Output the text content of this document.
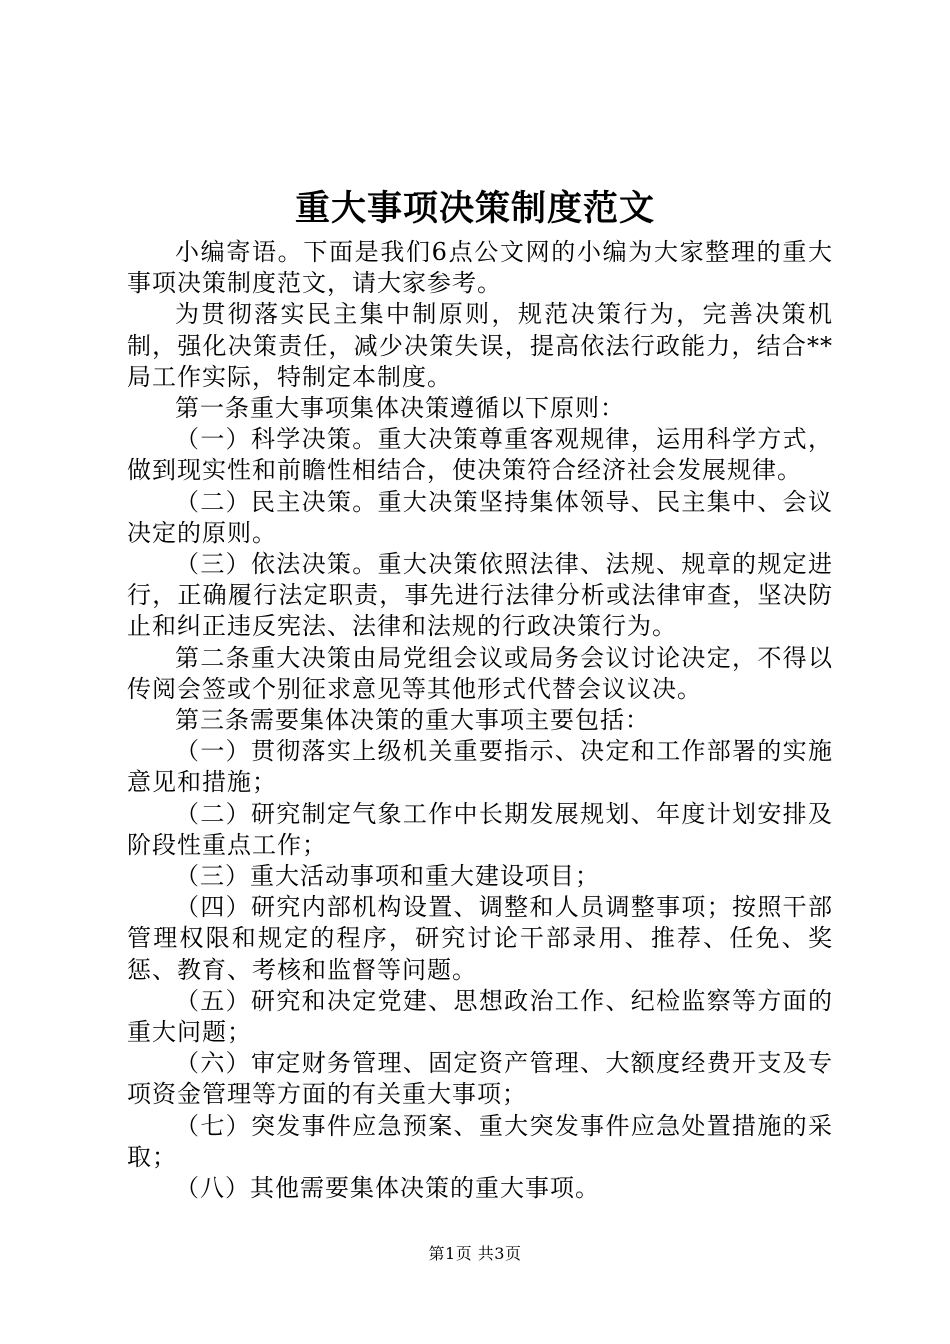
重大事项决策制度范文

小编寄语。下面是我们6点公文网的小编为大家整理的重大事项决策制度范文，请大家参考。

为贯彻落实民主集中制原则，规范决策行为，完善决策机制，强化决策责任，减少决策失误，提高依法行政能力，结合**局工作实际，特制定本制度。

第一条重大事项集体决策遵循以下原则：

（一）科学决策。重大决策尊重客观规律，运用科学方式，做到现实性和前瞻性相结合，使决策符合经济社会发展规律。

（二）民主决策。重大决策坚持集体领导、民主集中、会议决定的原则。

（三）依法决策。重大决策依照法律、法规、规章的规定进行，正确履行法定职责，事先进行法律分析或法律审查，坚决防止和纠正违反宪法、法律和法规的行政决策行为。

第二条重大决策由局党组会议或局务会议讨论决定，不得以传阅会签或个别征求意见等其他形式代替会议议决。

第三条需要集体决策的重大事项主要包括：

（一）贯彻落实上级机关重要指示、决定和工作部署的实施意见和措施；

（二）研究制定气象工作中长期发展规划、年度计划安排及阶段性重点工作；

（三）重大活动事项和重大建设项目；

（四）研究内部机构设置、调整和人员调整事项；按照干部管理权限和规定的程序，研究讨论干部录用、推荐、任免、奖惩、教育、考核和监督等问题。

（五）研究和决定党建、思想政治工作、纪检监察等方面的重大问题；

（六）审定财务管理、固定资产管理、大额度经费开支及专项资金管理等方面的有关重大事项；

（七）突发事件应急预案、重大突发事件应急处置措施的采取；

（八）其他需要集体决策的重大事项。

第1页 共3页
